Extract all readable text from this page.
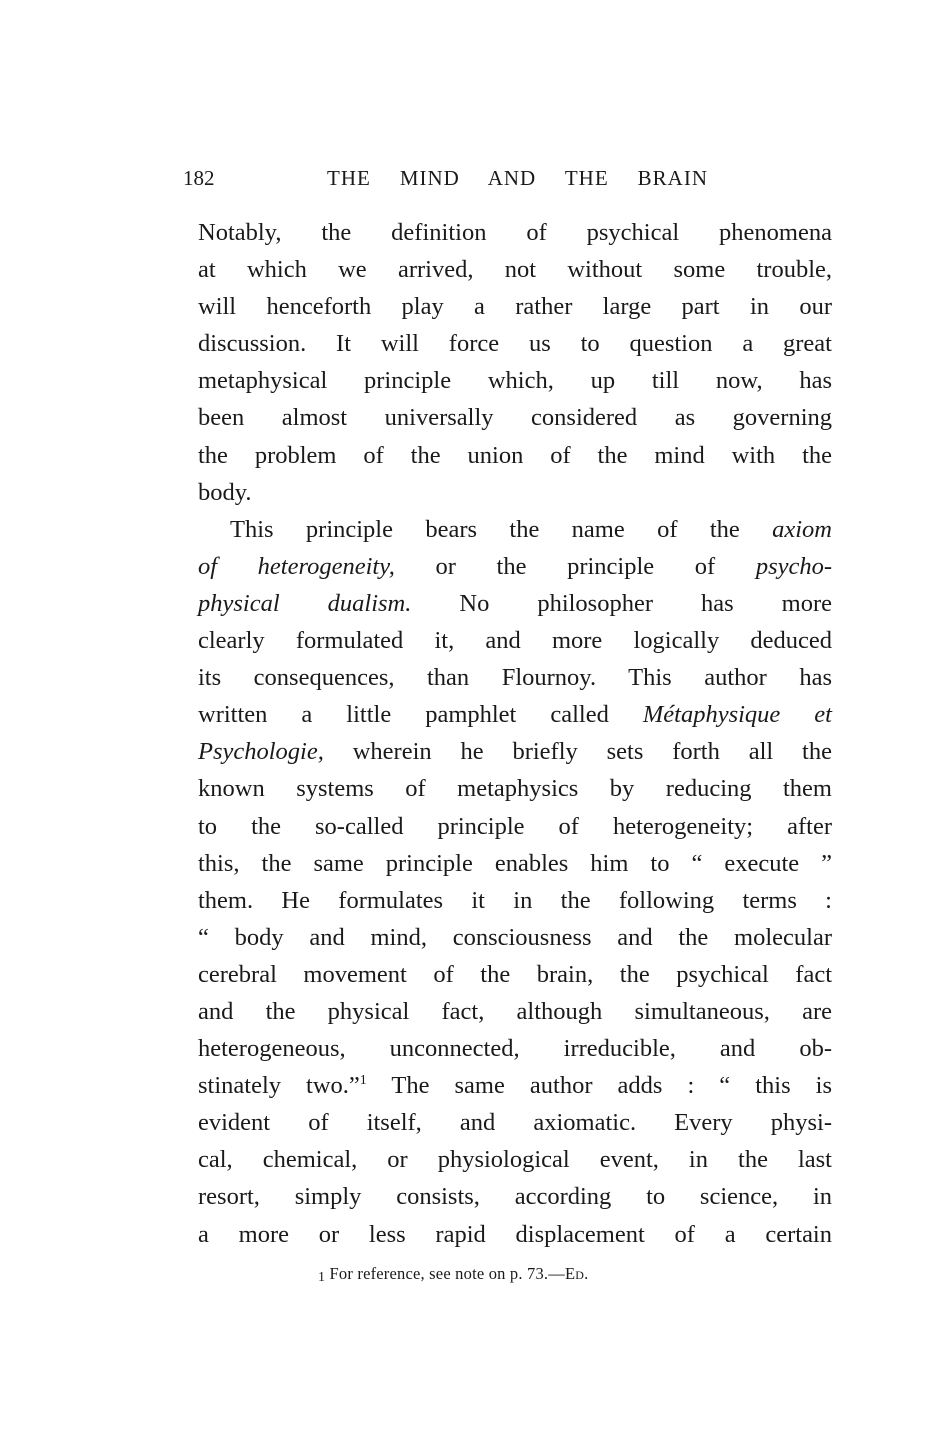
182	THE MIND AND THE BRAIN
Notably, the definition of psychical phenomena
at which we arrived, not without some trouble,
will henceforth play a rather large part in our
discussion. It will force us to question a great
metaphysical principle which, up till now, has
been almost universally considered as governing
the problem of the union of the mind with the
body.
This principle bears the name of the axiom
of heterogeneity, or the principle of psycho-
physical dualism. No philosopher has more
clearly formulated it, and more logically deduced
its consequences, than Flournoy. This author has
written a little pamphlet called Métaphysique et
Psychologie, wherein he briefly sets forth all the
known systems of metaphysics by reducing them
to the so-called principle of heterogeneity; after
this, the same principle enables him to “ execute ”
them. He formulates it in the following terms :
“ body and mind, consciousness and the molecular
cerebral movement of the brain, the psychical fact
and the physical fact, although simultaneous, are
heterogeneous, unconnected, irreducible, and ob-
stinately two.”$^1$ The same author adds : “ this is
evident of itself, and axiomatic. Every physi-
cal, chemical, or physiological event, in the last
resort, simply consists, according to science, in
a more or less rapid displacement of a certain
$^1$ For reference, see note on p. 73.—Ed.
